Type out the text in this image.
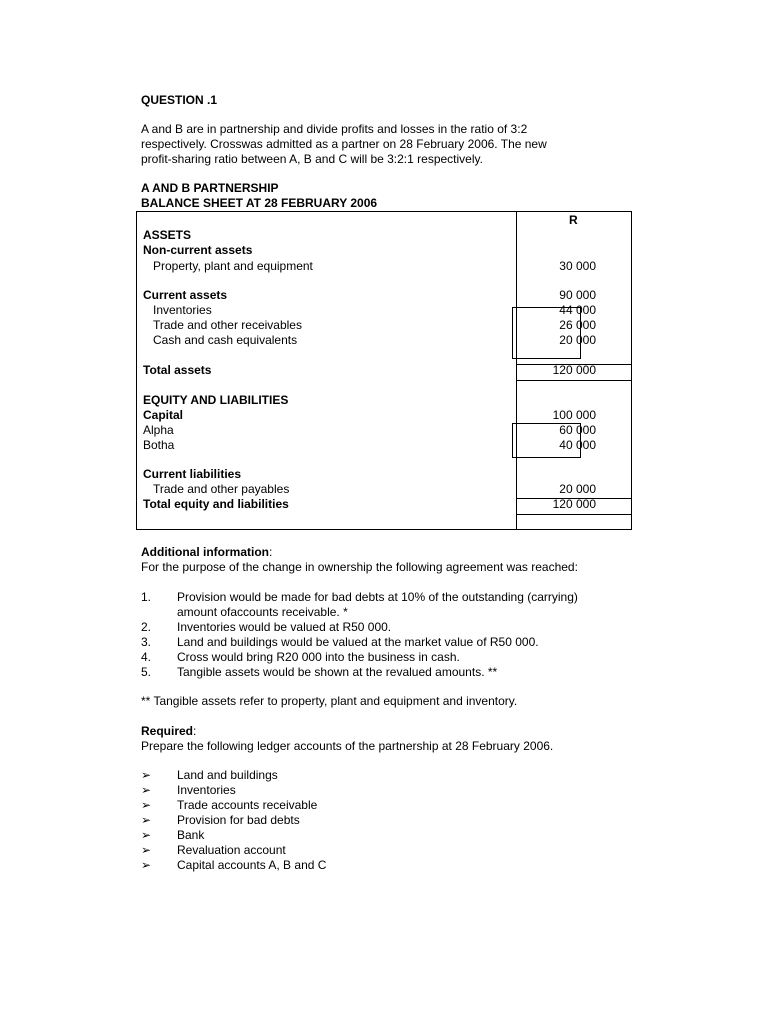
QUESTION .1
A and B are in partnership and divide profits and losses in the ratio of 3:2
respectively. Crosswas admitted as a partner on 28 February 2006. The new
profit-sharing ratio between A, B and C will be 3:2:1 respectively.
A AND B PARTNERSHIP
BALANCE SHEET AT 28 FEBRUARY 2006
R
ASSETS
Non-current assets
Property, plant and equipment	30 000
Current assets	90 000
Inventories	44 000
Trade and other receivables	26 000
Cash and cash equivalents	20 000
Total assets	120 000
EQUITY AND LIABILITIES
Capital	100 000
Alpha	60 000
Botha	40 000
Current liabilities
Trade and other payables	20 000
Total equity and liabilities	120 000
Additional information:
For the purpose of the change in ownership the following agreement was reached:
1. Provision would be made for bad debts at 10% of the outstanding (carrying)
amount ofaccounts receivable. *
2. Inventories would be valued at R50 000.
3. Land and buildings would be valued at the market value of R50 000.
4. Cross would bring R20 000 into the business in cash.
5. Tangible assets would be shown at the revalued amounts. **
** Tangible assets refer to property, plant and equipment and inventory.
Required:
Prepare the following ledger accounts of the partnership at 28 February 2006.
➢ Land and buildings
➢ Inventories
➢ Trade accounts receivable
➢ Provision for bad debts
➢ Bank
➢ Revaluation account
➢ Capital accounts A, B and C
